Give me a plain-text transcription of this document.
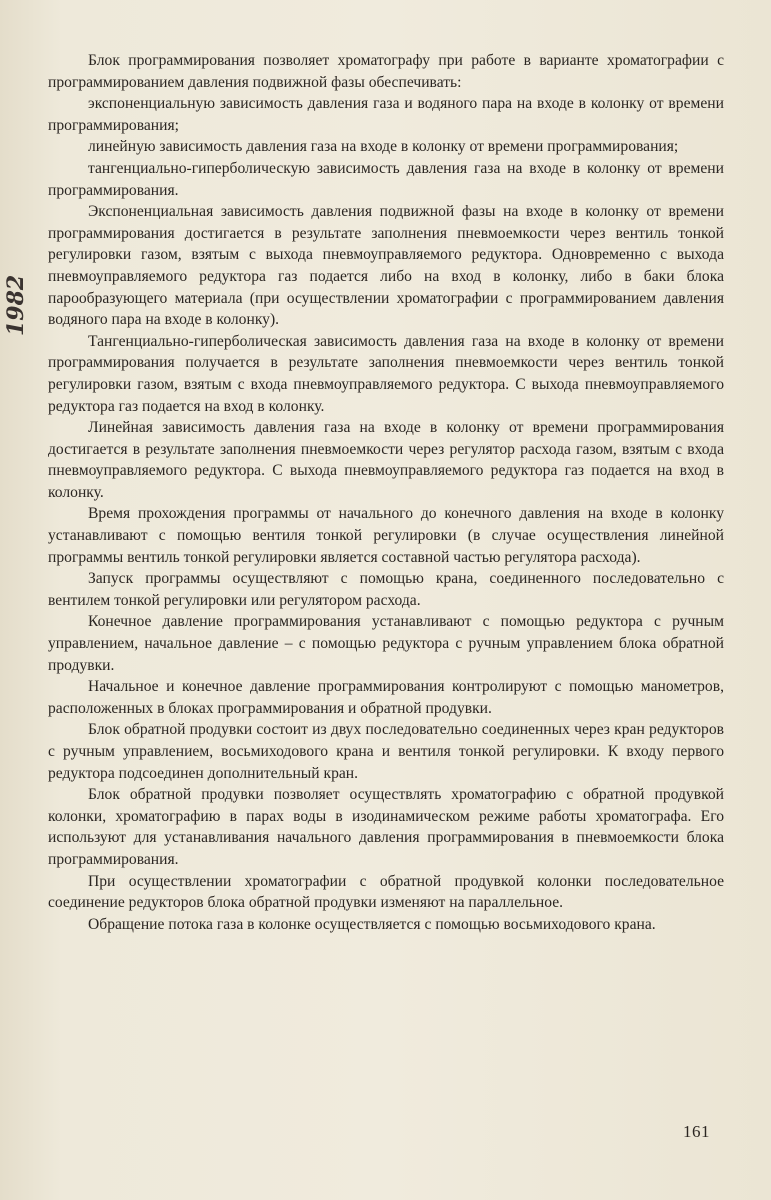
1982

Блок программирования позволяет хроматографу при работе в варианте хроматографии с программированием давления подвижной фазы обеспечивать:

экспоненциальную зависимость давления газа и водяного пара на входе в колонку от времени программирования;

линейную зависимость давления газа на входе в колонку от времени программирования;

тангенциально-гиперболическую зависимость давления газа на входе в колонку от времени программирования.

Экспоненциальная зависимость давления подвижной фазы на входе в колонку от времени программирования достигается в результате заполнения пневмоемкости через вентиль тонкой регулировки газом, взятым с выхода пневмоуправляемого редуктора. Одновременно с выхода пневмоуправляемого редуктора газ подается либо на вход в колонку, либо в баки блока парообразующего материала (при осуществлении хроматографии с программированием давления водяного пара на входе в колонку).

Тангенциально-гиперболическая зависимость давления газа на входе в колонку от времени программирования получается в результате заполнения пневмоемкости через вентиль тонкой регулировки газом, взятым с входа пневмоуправляемого редуктора. С выхода пневмоуправляемого редуктора газ подается на вход в колонку.

Линейная зависимость давления газа на входе в колонку от времени программирования достигается в результате заполнения пневмоемкости через регулятор расхода газом, взятым с входа пневмоуправляемого редуктора. С выхода пневмоуправляемого редуктора газ подается на вход в колонку.

Время прохождения программы от начального до конечного давления на входе в колонку устанавливают с помощью вентиля тонкой регулировки (в случае осуществления линейной программы вентиль тонкой регулировки является составной частью регулятора расхода).

Запуск программы осуществляют с помощью крана, соединенного последовательно с вентилем тонкой регулировки или регулятором расхода.

Конечное давление программирования устанавливают с помощью редуктора с ручным управлением, начальное давление – с помощью редуктора с ручным управлением блока обратной продувки.

Начальное и конечное давление программирования контролируют с помощью манометров, расположенных в блоках программирования и обратной продувки.

Блок обратной продувки состоит из двух последовательно соединенных через кран редукторов с ручным управлением, восьмиходового крана и вентиля тонкой регулировки. К входу первого редуктора подсоединен дополнительный кран.

Блок обратной продувки позволяет осуществлять хроматографию с обратной продувкой колонки, хроматографию в парах воды в изодинамическом режиме работы хроматографа. Его используют для устанавливания начального давления программирования в пневмоемкости блока программирования.

При осуществлении хроматографии с обратной продувкой колонки последовательное соединение редукторов блока обратной продувки изменяют на параллельное.

Обращение потока газа в колонке осуществляется с помощью восьмиходового крана.

161
